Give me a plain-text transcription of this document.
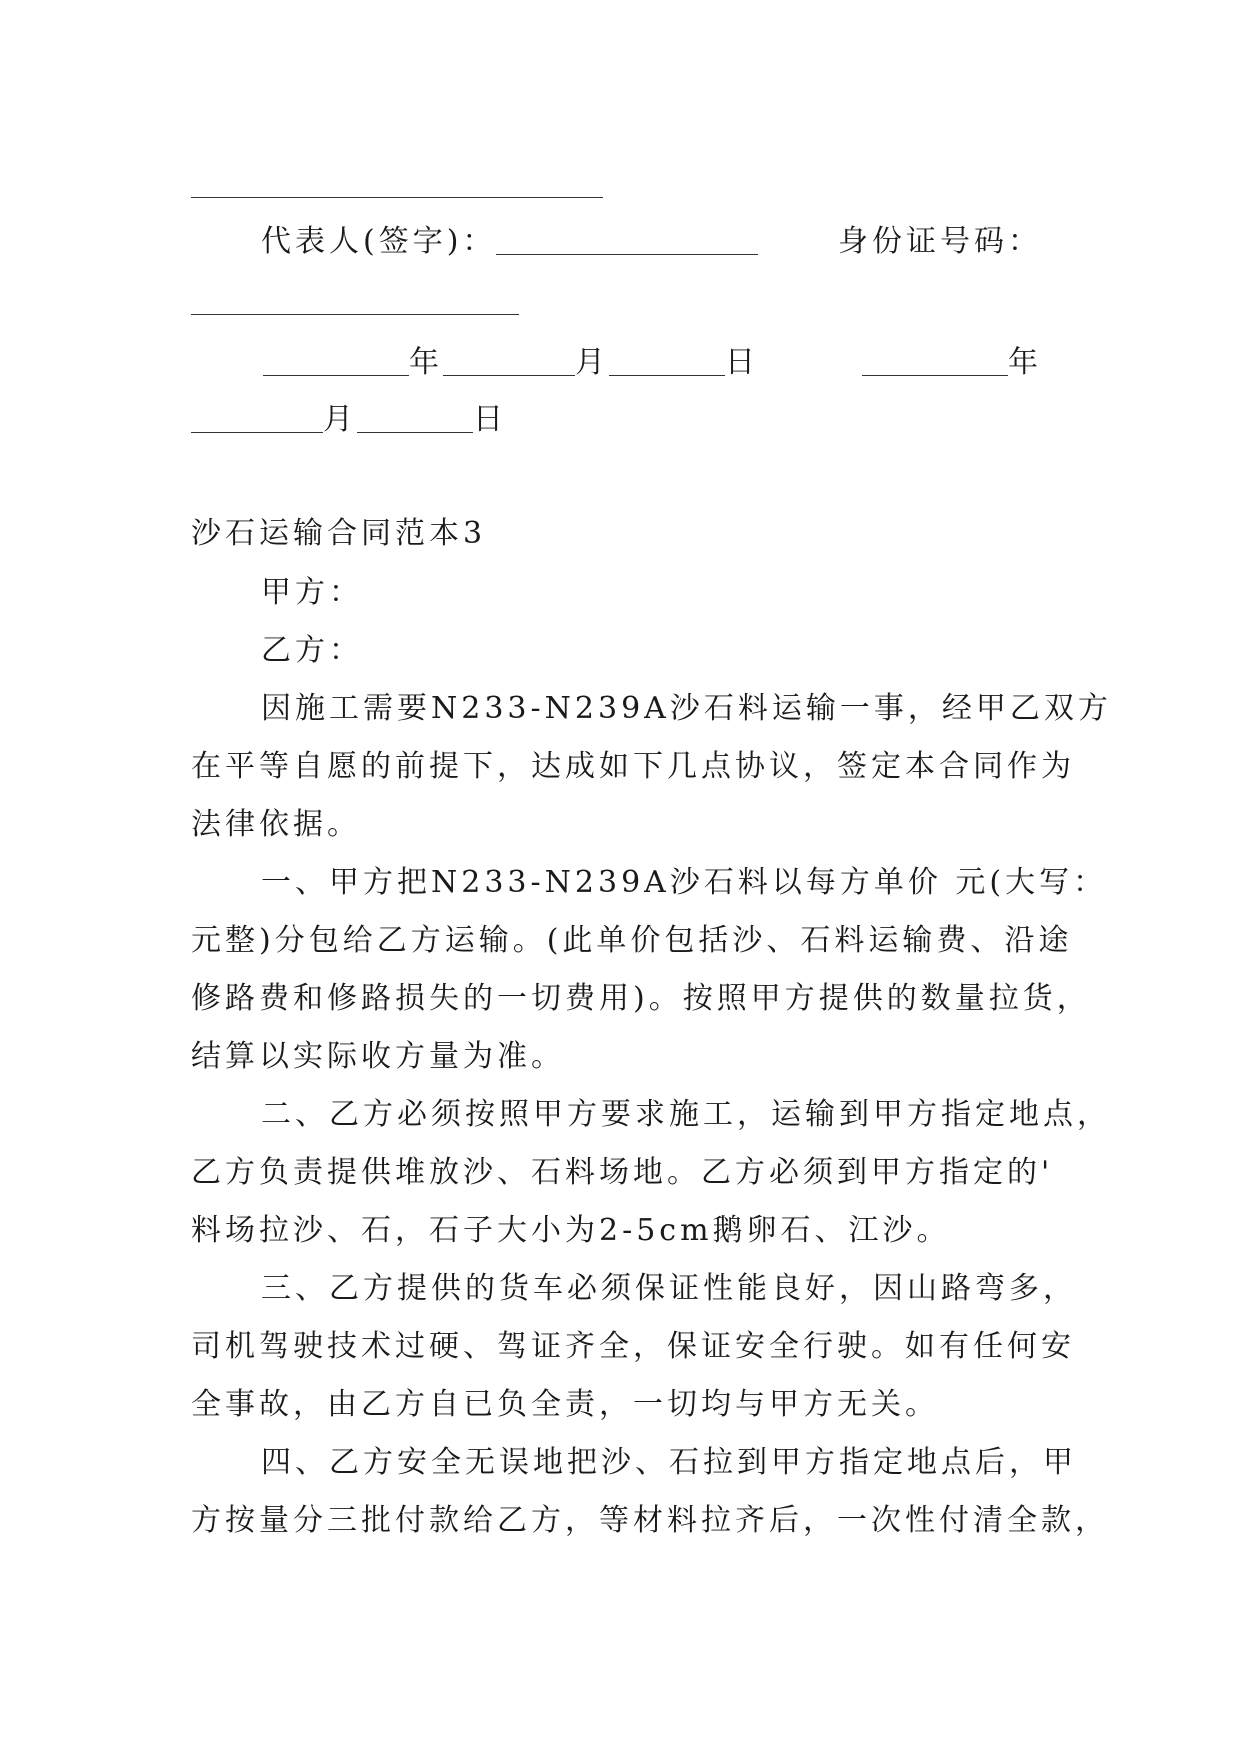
代表人(签字)：	身份证号码：
年	月	日	年
月	日
沙石运输合同范本3
甲方：
乙方：
因施工需要N233-N239A沙石料运输一事，经甲乙双方
在平等自愿的前提下，达成如下几点协议，签定本合同作为
法律依据。
一、甲方把N233-N239A沙石料以每方单价 元(大写：
元整)分包给乙方运输。(此单价包括沙、石料运输费、沿途
修路费和修路损失的一切费用)。按照甲方提供的数量拉货，
结算以实际收方量为准。
二、乙方必须按照甲方要求施工，运输到甲方指定地点，
乙方负责提供堆放沙、石料场地。乙方必须到甲方指定的'
料场拉沙、石，石子大小为2-5cm鹅卵石、江沙。
三、乙方提供的货车必须保证性能良好，因山路弯多，
司机驾驶技术过硬、驾证齐全，保证安全行驶。如有任何安
全事故，由乙方自已负全责，一切均与甲方无关。
四、乙方安全无误地把沙、石拉到甲方指定地点后，甲
方按量分三批付款给乙方，等材料拉齐后，一次性付清全款，
